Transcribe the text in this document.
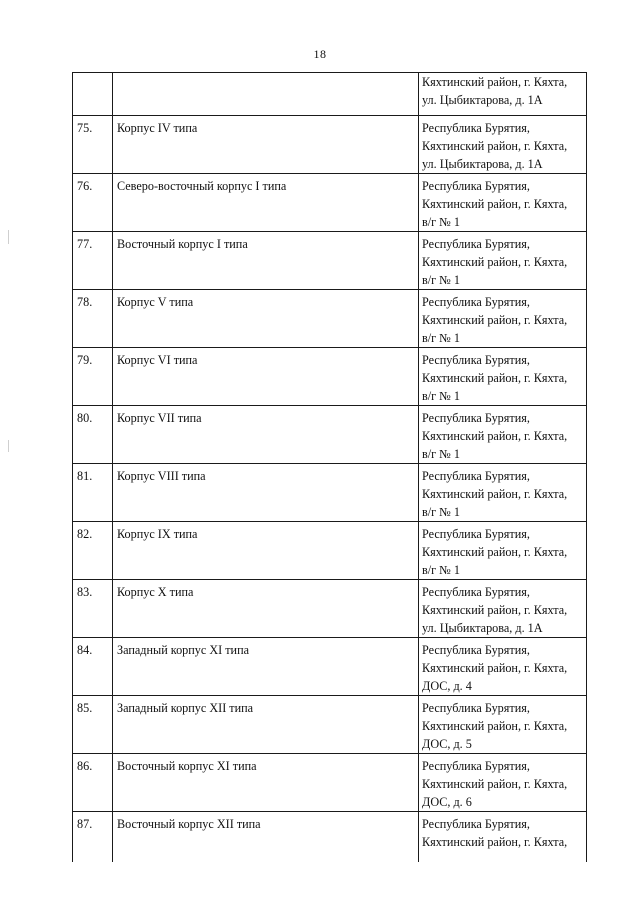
18

		Кяхтинский район, г. Кяхта,
ул. Цыбиктарова, д. 1А

75.	Корпус IV типа	Республика Бурятия,
Кяхтинский район, г. Кяхта,
ул. Цыбиктарова, д. 1А

76.	Северо-восточный корпус I типа	Республика Бурятия,
Кяхтинский район, г. Кяхта,
в/г № 1

77.	Восточный корпус I типа	Республика Бурятия,
Кяхтинский район, г. Кяхта,
в/г № 1

78.	Корпус V типа	Республика Бурятия,
Кяхтинский район, г. Кяхта,
в/г № 1

79.	Корпус VI типа	Республика Бурятия,
Кяхтинский район, г. Кяхта,
в/г № 1

80.	Корпус VII типа	Республика Бурятия,
Кяхтинский район, г. Кяхта,
в/г № 1

81.	Корпус VIII типа	Республика Бурятия,
Кяхтинский район, г. Кяхта,
в/г № 1

82.	Корпус IX типа	Республика Бурятия,
Кяхтинский район, г. Кяхта,
в/г № 1

83.	Корпус X типа	Республика Бурятия,
Кяхтинский район, г. Кяхта,
ул. Цыбиктарова, д. 1А

84.	Западный корпус XI типа	Республика Бурятия,
Кяхтинский район, г. Кяхта,
ДОС, д. 4

85.	Западный корпус XII типа	Республика Бурятия,
Кяхтинский район, г. Кяхта,
ДОС, д. 5

86.	Восточный корпус XI типа	Республика Бурятия,
Кяхтинский район, г. Кяхта,
ДОС, д. 6

87.	Восточный корпус XII типа	Республика Бурятия,
Кяхтинский район, г. Кяхта,
